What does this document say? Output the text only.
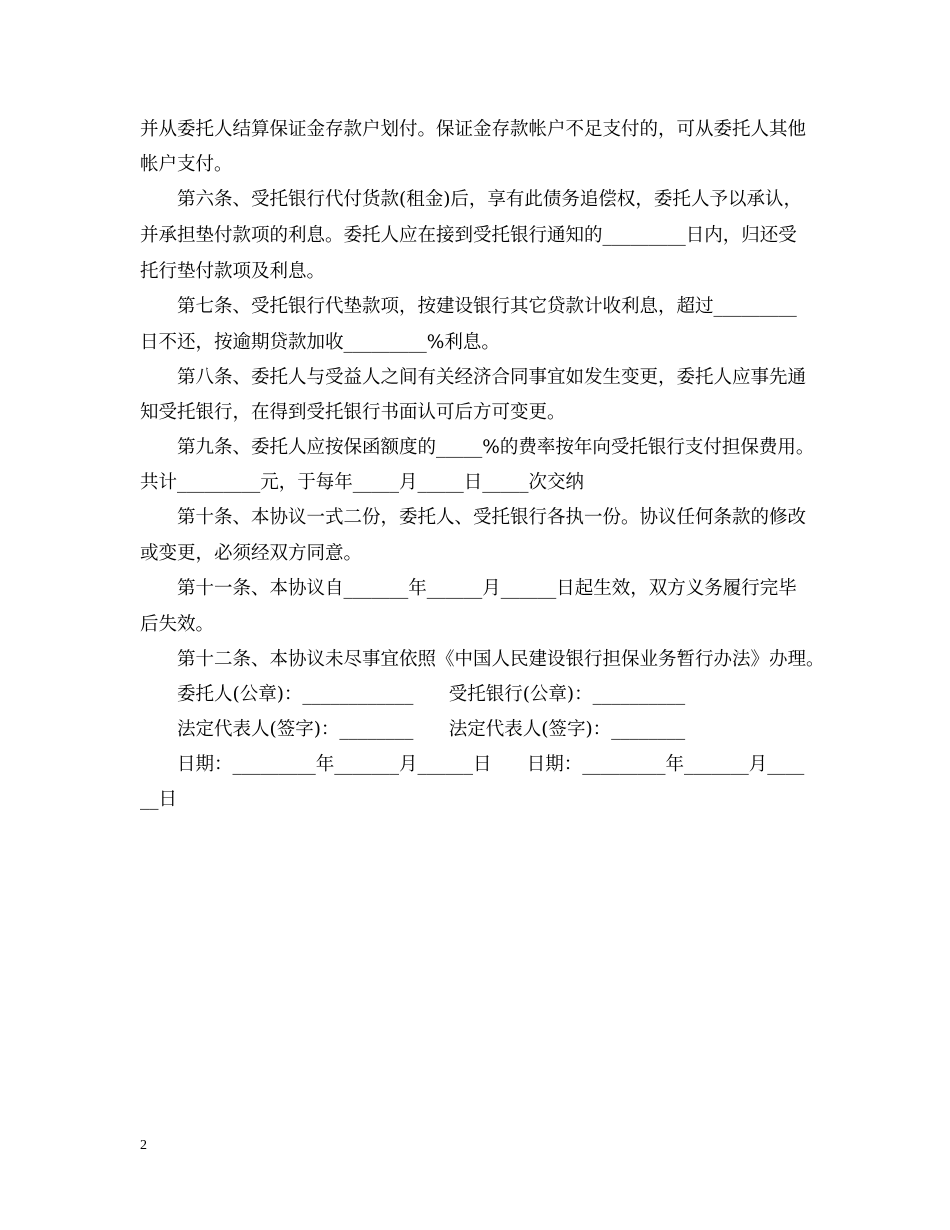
并从委托人结算保证金存款户划付。保证金存款帐户不足支付的，可从委托人其他
帐户支付。
第六条、受托银行代付货款(租金)后，享有此债务追偿权，委托人予以承认，
并承担垫付款项的利息。委托人应在接到受托银行通知的_________日内，归还受
托行垫付款项及利息。
第七条、受托银行代垫款项，按建设银行其它贷款计收利息，超过_________
日不还，按逾期贷款加收_________%利息。
第八条、委托人与受益人之间有关经济合同事宜如发生变更，委托人应事先通
知受托银行，在得到受托银行书面认可后方可变更。
第九条、委托人应按保函额度的_____%的费率按年向受托银行支付担保费用。
共计_________元，于每年_____月_____日_____次交纳
第十条、本协议一式二份，委托人、受托银行各执一份。协议任何条款的修改
或变更，必须经双方同意。
第十一条、本协议自_______年______月______日起生效，双方义务履行完毕
后失效。
第十二条、本协议未尽事宜依照《中国人民建设银行担保业务暂行办法》办理。
委托人(公章)：____________      受托银行(公章)：__________
法定代表人(签字)：________      法定代表人(签字)：________
日期：_________年_______月______日      日期：_________年_______月____
__日
2
